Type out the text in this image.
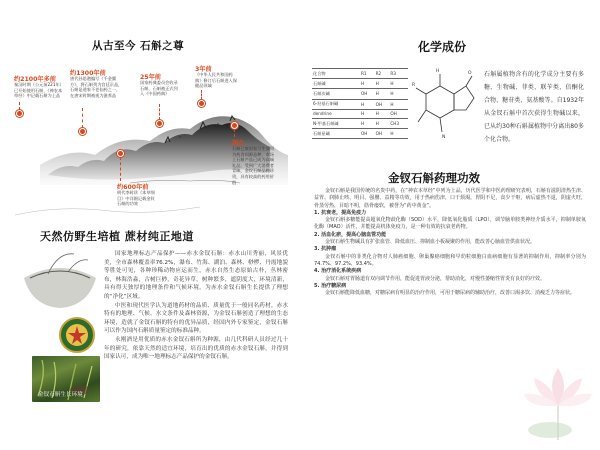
从古至今 石斛之尊
约2100年多前
秦汉时期（公元前221年）已开始使用石斛，《神农本草经》中记载石斛为上品
约1300年前
唐代孙思邈编写《千金翼方》，将石斛列为宫廷贡品，石斛是道家不老仙药之一，在唐宋时期被视为滋养品
25年前
国家药典委员会收录石斛，石斛被正式列入《中国药典》
3年前
《中华人民共和国药典》修订后石斛进入保健品领域
现在
石斛已被国家卫生部列为药食同源品种，市场上石斛产品已成为高端礼品，受到广大消费者青睐，金钗石斛品种珍贵，具有较高的药用价值
约600年前
明代李时珍《本草纲目》中详细记载金钗石斛的功效
天然仿野生培植 蔗材纯正地道

国家地理标志产品保护——赤水金钗石斛：赤水山川秀丽，风景优美，全市森林覆盖率76.2%，瀑布、竹海、湖泊、森林、桫椤、丹霞地貌等胜处可见，各种珍稀动物应运而生，赤水自然生态原始古朴，丛林密布，林海浩淼，古树巨桫，奇花异草，树种繁多，遮阴度大，环境清新，具有得天独厚的地理条件和气候环境，为赤水金钗石斛生长提供了理想的“净化”区域。

中医和现代医学认为道地药材的品质、质量优于一般同名药材。赤水特有的地理、气候、水文条件及森林资源，为金钗石斛创造了理想的生态环境，造就了金钗石斛的特有的优异品质，经国内外专家鉴定，金钗石斛可以作为国内石斛质量鉴定的标准品种。

永刚酒是用优质的赤水金钗石斛所为种源，由几代科研人员经过几十年的研究，依靠天然的适宜环境，培育出的优质的赤水金钗石斛，并得到国家认可，成为唯一地理标志产品保护的金钗石斛。

金钗石斛生长环境
化学成份
化合物	R1	R2	R3
石斛碱	H	H	H
石斛次碱	OH	H	H
6-羟基石斛碱	H	OH	H
dendrine	H	H	OH
N-甲基石斛碱	H	H	CH3
石斛星碱	OH	OH	H
H	O
N
R
石斛属植物含有的化学成分主要有多糖、生物碱、菲类、联苄类、倍酮化合物、糖苷类、氨基酸等。自1932年从金钗石斛中首次获得生物碱以来，已从约30种石斛属植物中分离出80多个化合物。
金钗石斛药理功效

金钗石斛是我国传统的名贵中药，在“神农本草经”中列为上品，历代医学和中医药理研究表明，石斛有滋阴清热生津、益胃、润肺止咳、明目、强腰、益精等功效，用于热病伤津，口干烦渴，胃阴不足，食少干呕，病后虚热不退，阴虚火旺，骨蒸劳热，目暗不明，筋骨痿软，被誉为“药中黄金”。

1. 抗衰老，提高免疫力

金钗石斛多糖能提高超氧化物歧化酶（SOD）水平，降低氧化脂质（LPO），调节脑单胺类神经介质水平，抑制单胺氧化酶（MAO）活性，并能提高机体免疫力，是一种有效的抗衰老药物。

2. 活血化瘀，提高心脑血管功能

金钗石斛生物碱具有扩张血管、降低血压、抑制血小板凝聚的作用，能改善心脑血管供血状况。

3. 抗肿瘤

金钗石斛中的菲类化合物对人肺癌细胞、卵巢腺癌细胞和早幼粒细胞白血病细胞有显著的抑制作用，抑制率分别为74.7%、97.2%、93.4%。

4. 治疗消化系统疾病

金钗石斛对胃肠道有双向调节作用，能促进胃液分泌，帮助消化，对慢性萎缩性胃炎有良好的疗效。

5. 治疗糖尿病

金钗石斛能降低血糖，对糖尿病有明显的治疗作用，可用于糖尿病的辅助治疗，改善口渴多饮、消瘦乏力等症状。
